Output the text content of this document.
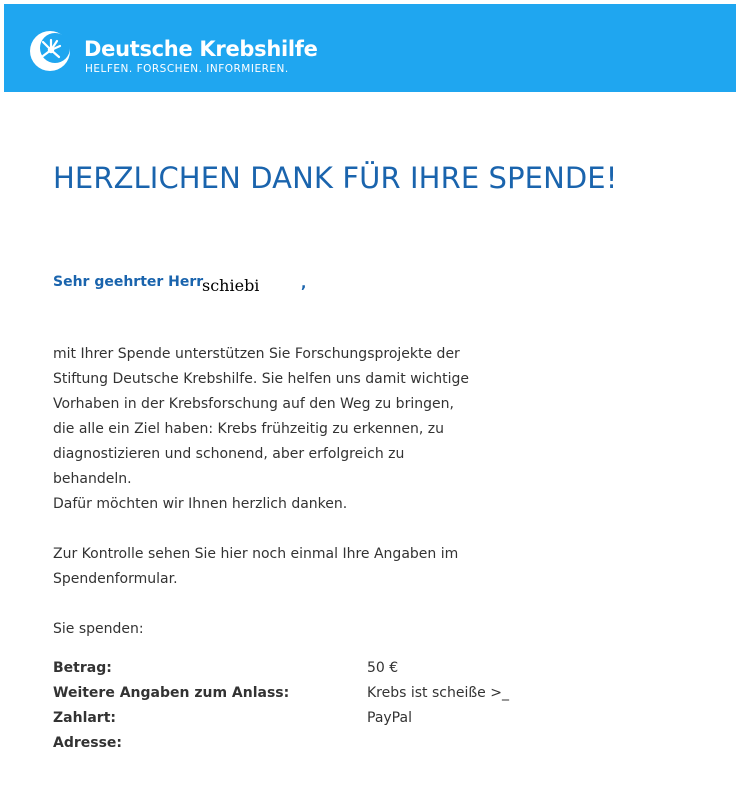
Deutsche Krebshilfe
HELFEN. FORSCHEN. INFORMIEREN.
HERZLICHEN DANK FÜR IHRE SPENDE!
Sehr geehrter Herr
schiebi	,
mit Ihrer Spende unterstützen Sie Forschungsprojekte der
Stiftung Deutsche Krebshilfe. Sie helfen uns damit wichtige
Vorhaben in der Krebsforschung auf den Weg zu bringen,
die alle ein Ziel haben: Krebs frühzeitig zu erkennen, zu
diagnostizieren und schonend, aber erfolgreich zu
behandeln.
Dafür möchten wir Ihnen herzlich danken.
Zur Kontrolle sehen Sie hier noch einmal Ihre Angaben im
Spendenformular.
Sie spenden:
Betrag:	50 €
Weitere Angaben zum Anlass:	Krebs ist scheiße >_
Zahlart:	PayPal
Adresse:
